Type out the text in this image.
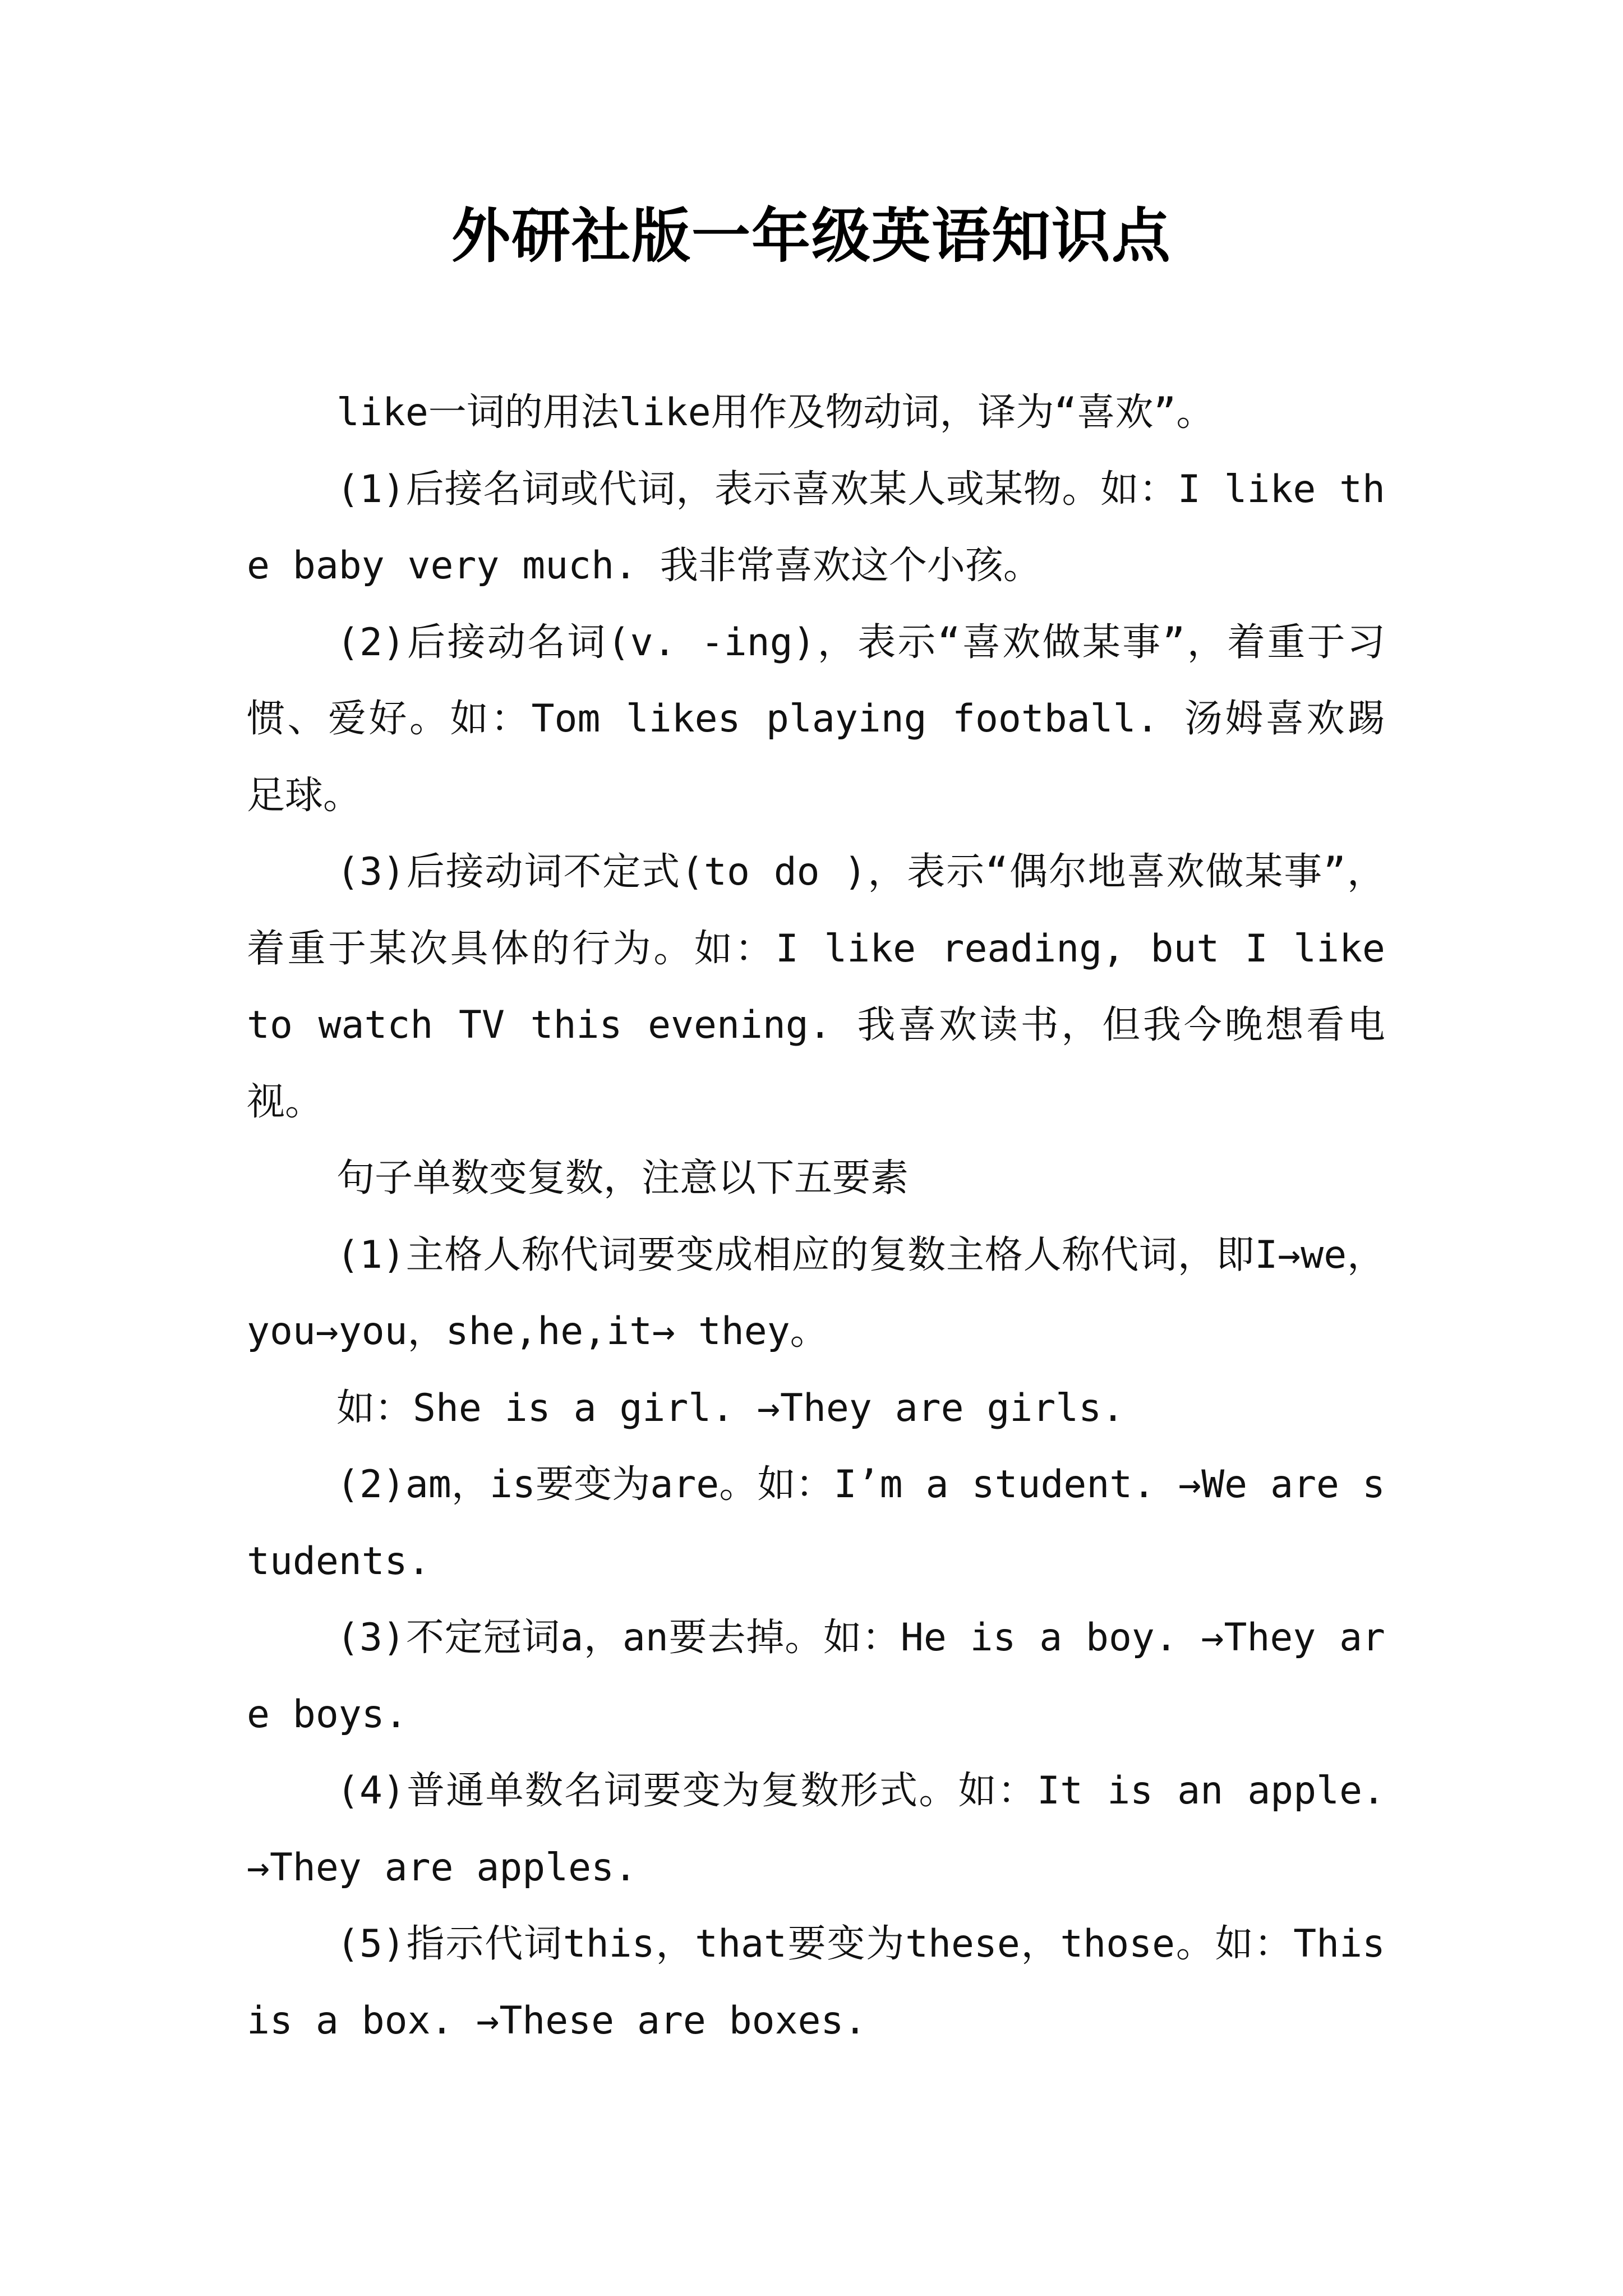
外研社版一年级英语知识点

like一词的用法like用作及物动词，译为“喜欢”。

(1)后接名词或代词，表示喜欢某人或某物。如：I like the baby very much. 我非常喜欢这个小孩。

(2)后接动名词(v. -ing)，表示“喜欢做某事”，着重于习惯、爱好。如：Tom likes playing football. 汤姆喜欢踢足球。

(3)后接动词不定式(to do )，表示“偶尔地喜欢做某事”，着重于某次具体的行为。如：I like reading, but I like to watch TV this evening. 我喜欢读书，但我今晚想看电视。

句子单数变复数，注意以下五要素

(1)主格人称代词要变成相应的复数主格人称代词，即I→we，you→you，she,he,it→ they。

如：She is a girl. →They are girls.

(2)am，is要变为are。如：I’m a student. →We are students.

(3)不定冠词a，an要去掉。如：He is a boy. →They are boys.

(4)普通单数名词要变为复数形式。如：It is an apple. →They are apples.

(5)指示代词this，that要变为these，those。如：This is a box. →These are boxes.
